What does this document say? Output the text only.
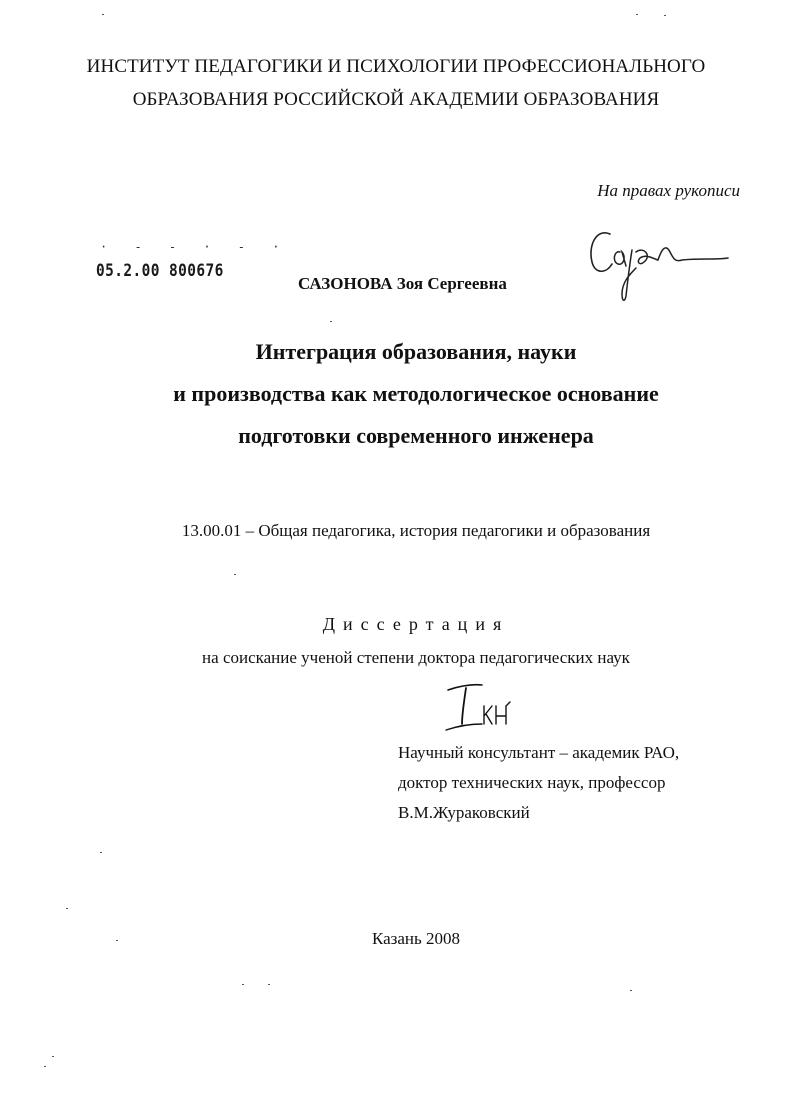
ИНСТИТУТ ПЕДАГОГИКИ И ПСИХОЛОГИИ ПРОФЕССИОНАЛЬНОГО
ОБРАЗОВАНИЯ РОССИЙСКОЙ АКАДЕМИИ ОБРАЗОВАНИЯ
На правах рукописи
· - - · - ·
05.2.00 800676
САЗОНОВА Зоя Сергеевна
Интеграция образования, науки
и производства как методологическое основание
подготовки современного инженера
13.00.01 – Общая педагогика, история педагогики и образования
Диссертация
на соискание ученой степени доктора педагогических наук
Научный консультант – академик РАО,
доктор технических наук, профессор
В.М.Жураковский
Казань 2008
